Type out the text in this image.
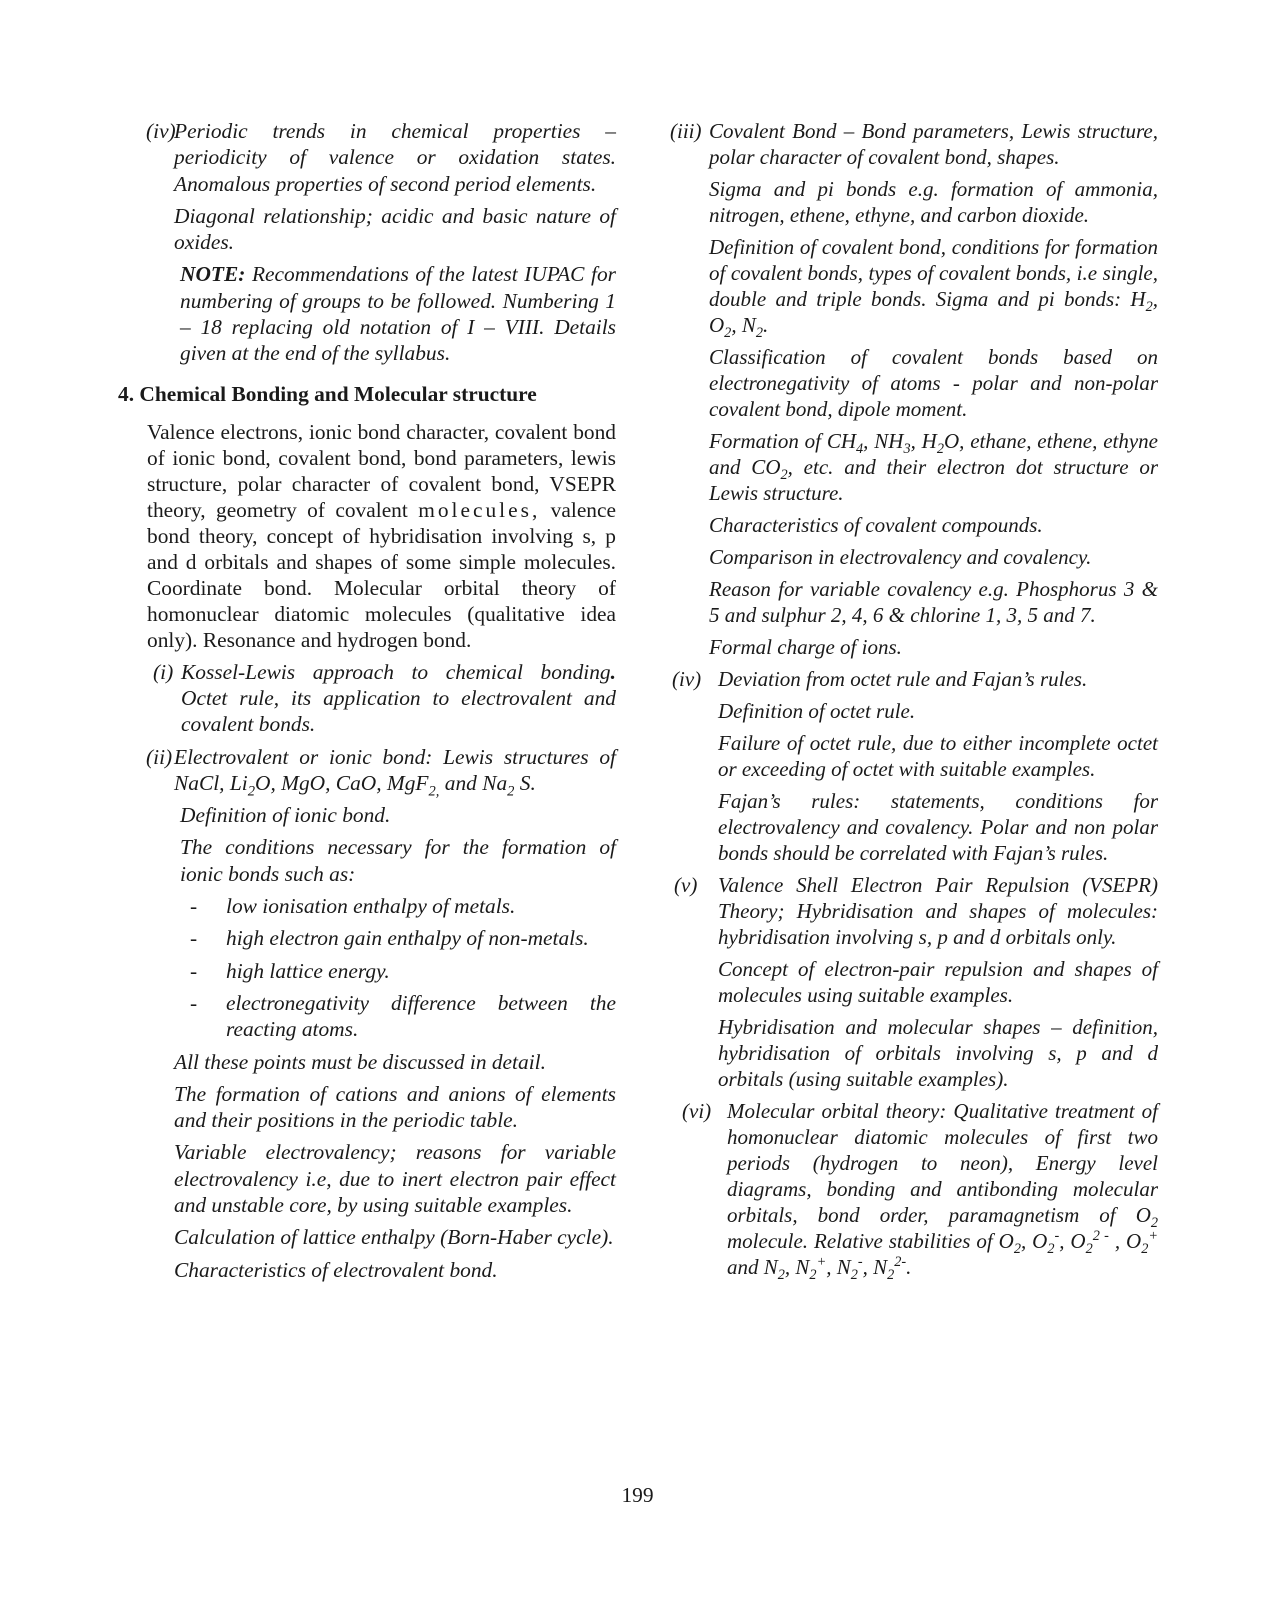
(iv)

Periodic trends in chemical properties – periodicity of valence or oxidation states. Anomalous properties of second period elements.

Diagonal relationship; acidic and basic nature of oxides.

NOTE: Recommendations of the latest IUPAC for numbering of groups to be followed. Numbering 1 – 18 replacing old notation of I – VIII. Details given at the end of the syllabus.

4. Chemical Bonding and Molecular structure

Valence electrons, ionic bond character, covalent bond of ionic bond, covalent bond, bond parameters, lewis structure, polar character of covalent bond, VSEPR theory, geometry of covalent molecules, valence bond theory, concept of hybridisation involving s, p and d orbitals and shapes of some simple molecules. Coordinate bond. Molecular orbital theory of homonuclear diatomic molecules (qualitative idea only). Resonance and hydrogen bond.

(i) Kossel-Lewis approach to chemical bonding. Octet rule, its application to electrovalent and covalent bonds.

(ii) Electrovalent or ionic bond: Lewis structures of NaCl, $Li_2O$, MgO, CaO, MgF$_{2,}$ and $Na_2$ S.

Definition of ionic bond.

The conditions necessary for the formation of ionic bonds such as:

- low ionisation enthalpy of metals.

- high electron gain enthalpy of non-metals.

- high lattice energy.

- electronegativity difference between the reacting atoms.

All these points must be discussed in detail.

The formation of cations and anions of elements and their positions in the periodic table.

Variable electrovalency; reasons for variable electrovalency i.e, due to inert electron pair effect and unstable core, by using suitable examples.

Calculation of lattice enthalpy (Born-Haber cycle).

Characteristics of electrovalent bond.

(iii) Covalent Bond – Bond parameters, Lewis structure, polar character of covalent bond, shapes.

Sigma and pi bonds e.g. formation of ammonia, nitrogen, ethene, ethyne, and carbon dioxide.

Definition of covalent bond, conditions for formation of covalent bonds, types of covalent bonds, i.e single, double and triple bonds. Sigma and pi bonds: $H_2$, $O_2$, $N_2$.

Classification of covalent bonds based on electronegativity of atoms - polar and non-polar covalent bond, dipole moment.

Formation of $CH_4$, $NH_3$, $H_2O$, ethane, ethene, ethyne and $CO_2$, etc. and their electron dot structure or Lewis structure.

Characteristics of covalent compounds.

Comparison in electrovalency and covalency.

Reason for variable covalency e.g. Phosphorus 3 & 5 and sulphur 2, 4, 6 & chlorine 1, 3, 5 and 7.

Formal charge of ions.

(iv) Deviation from octet rule and Fajan’s rules.

Definition of octet rule.

Failure of octet rule, due to either incomplete octet or exceeding of octet with suitable examples.

Fajan’s rules: statements, conditions for electrovalency and covalency. Polar and non polar bonds should be correlated with Fajan’s rules.

(v) Valence Shell Electron Pair Repulsion (VSEPR) Theory; Hybridisation and shapes of molecules: hybridisation involving s, p and d orbitals only.

Concept of electron-pair repulsion and shapes of molecules using suitable examples.

Hybridisation and molecular shapes – definition, hybridisation of orbitals involving s, p and d orbitals (using suitable examples).

(vi) Molecular orbital theory: Qualitative treatment of homonuclear diatomic molecules of first two periods (hydrogen to neon), Energy level diagrams, bonding and antibonding molecular orbitals, bond order, paramagnetism of $O_2$ molecule. Relative stabilities of $O_2$, $O_2^-$, $O_2^{2 -}$ , $O_2^+$ and $N_2$, $N_2^+$, $N_2^-$, $N_2^{2-}$.

199
